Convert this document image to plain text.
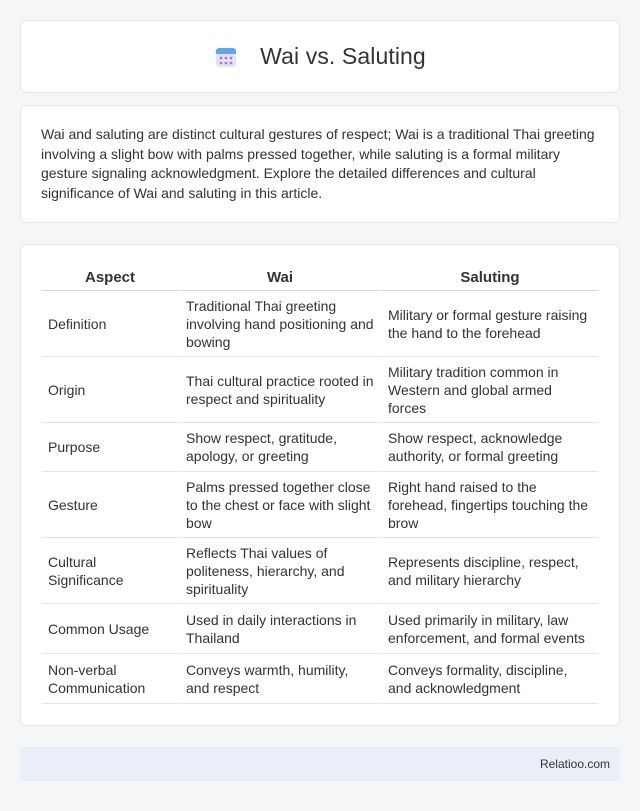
Wai vs. Saluting

Wai and saluting are distinct cultural gestures of respect; Wai is a traditional Thai greeting involving a slight bow with palms pressed together, while saluting is a formal military gesture signaling acknowledgment. Explore the detailed differences and cultural significance of Wai and saluting in this article.

Aspect	Wai	Saluting
Definition	Traditional Thai greeting involving hand positioning and bowing	Military or formal gesture raising the hand to the forehead
Origin	Thai cultural practice rooted in respect and spirituality	Military tradition common in Western and global armed forces
Purpose	Show respect, gratitude, apology, or greeting	Show respect, acknowledge authority, or formal greeting
Gesture	Palms pressed together close to the chest or face with slight bow	Right hand raised to the forehead, fingertips touching the brow
Cultural Significance	Reflects Thai values of politeness, hierarchy, and spirituality	Represents discipline, respect, and military hierarchy
Common Usage	Used in daily interactions in Thailand	Used primarily in military, law enforcement, and formal events
Non-verbal Communication	Conveys warmth, humility, and respect	Conveys formality, discipline, and acknowledgment
Relatioo.com
